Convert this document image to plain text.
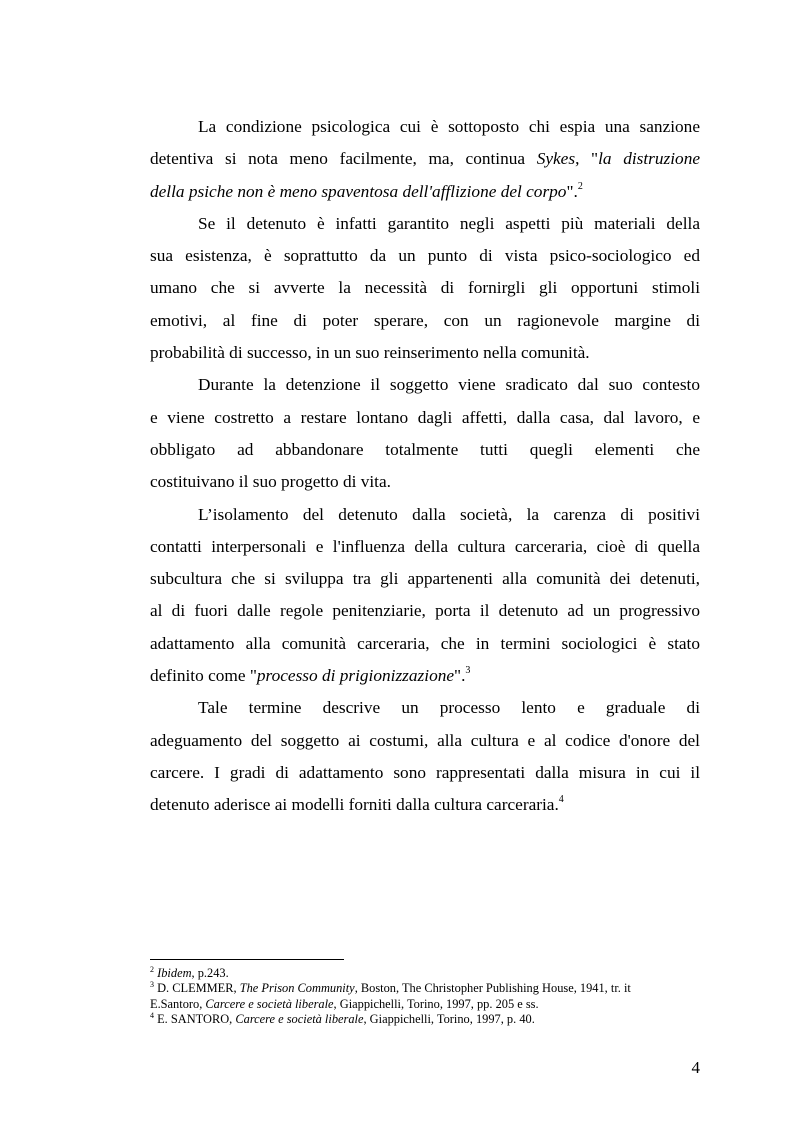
La condizione psicologica cui è sottoposto chi espia una sanzione
detentiva si nota meno facilmente, ma, continua Sykes, "la distruzione
della psiche non è meno spaventosa dell'afflizione del corpo".$^2$
Se il detenuto è infatti garantito negli aspetti più materiali della
sua esistenza, è soprattutto da un punto di vista psico-sociologico ed
umano che si avverte la necessità di fornirgli gli opportuni stimoli
emotivi, al fine di poter sperare, con un ragionevole margine di
probabilità di successo, in un suo reinserimento nella comunità.
Durante la detenzione il soggetto viene sradicato dal suo contesto
e viene costretto a restare lontano dagli affetti, dalla casa, dal lavoro, e
obbligato ad abbandonare totalmente tutti quegli elementi che
costituivano il suo progetto di vita.
L’isolamento del detenuto dalla società, la carenza di positivi
contatti interpersonali e l'influenza della cultura carceraria, cioè di quella
subcultura che si sviluppa tra gli appartenenti alla comunità dei detenuti,
al di fuori dalle regole penitenziarie, porta il detenuto ad un progressivo
adattamento alla comunità carceraria, che in termini sociologici è stato
definito come "processo di prigionizzazione".$^3$
Tale termine descrive un processo lento e graduale di
adeguamento del soggetto ai costumi, alla cultura e al codice d'onore del
carcere. I gradi di adattamento sono rappresentati dalla misura in cui il
detenuto aderisce ai modelli forniti dalla cultura carceraria.$^4$

$^2$ Ibidem, p.243.

$^3$ D. CLEMMER, The Prison Community, Boston, The Christopher Publishing House, 1941, tr. it
E.Santoro, Carcere e società liberale, Giappichelli, Torino, 1997, pp. 205 e ss.

$^4$ E. SANTORO, Carcere e società liberale, Giappichelli, Torino, 1997, p. 40.

4
